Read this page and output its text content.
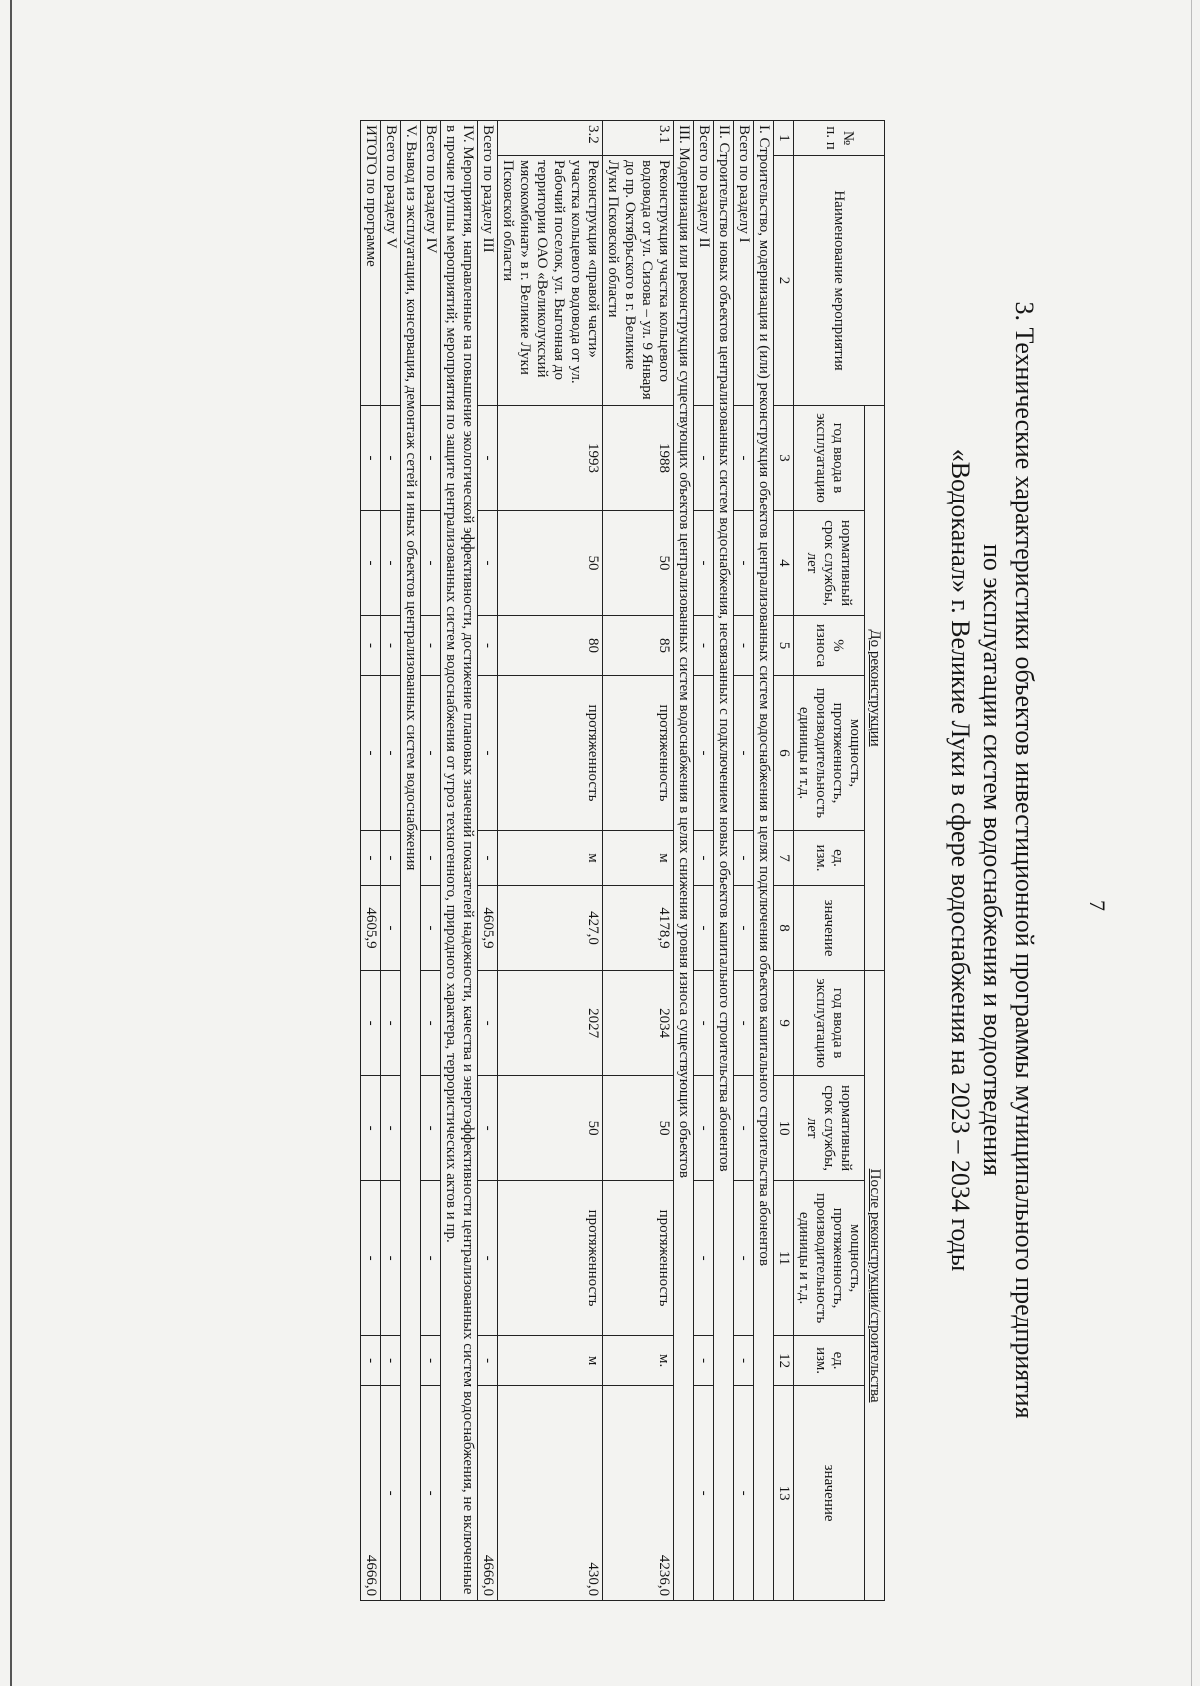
7
3. Технические характеристики объектов инвестиционной программы муниципального предприятия
по эксплуатации систем водоснабжения и водоотведения
«Водоканал» г. Великие Луки в сфере водоснабжения на 2023 – 2034 годы
№ п. п	Наименование мероприятия	До реконструкции						После реконструкции/строительства				
		год ввода в эксплуатацию	нормативный срок службы, лет	% износа	мощность, протяженность, производительность единицы и т.д.	ед. изм.	значение	год ввода в эксплуатацию	нормативный срок службы, лет	мощность, протяженность, производительность единицы и т.д.	ед. изм.	значение
1	2	3	4	5	6	7	8	9	10	11	12	13
I. Строительство, модернизация и (или) реконструкция объектов централизованных систем водоснабжения в целях подключения объектов капитального строительства абонентов												
Всего по разделу I		-	-	-	-	-	-	-	-	-	-	-
II. Строительство новых объектов централизованных систем водоснабжения, несвязанных с подключением новых объектов капитального строительства абонентов												
Всего по разделу II		-	-	-	-	-	-	-	-	-	-	-
III. Модернизация или реконструкция существующих объектов централизованных систем водоснабжения в целях снижения уровня износа существующих объектов												
3.1	Реконструкция участка кольцевого водовода от ул. Сизова – ул. 9 Января до пр. Октябрьского в г. Великие Луки Псковской области	1988	50	85	протяженность	м	4178,9	2034	50	протяженность	м.	4236,0
3.2	Реконструкция «правой части» участка кольцевого водовода от ул. Рабочий поселок, ул. Выгонная до территории ОАО «Великолукский мясокомбинат» в г. Великие Луки Псковской области	1993	50	80	протяженность	м	427,0	2027	50	протяженность	м	430,0
Всего по разделу III		-	-	-	-	-	4605,9	-	-	-	-	4666,0
IV. Мероприятия, направленные на повышение экологической эффективности, достижение плановых значений показателей надежности, качества и энергоэффективности централизованных систем водоснабжения, не включенные в прочие группы мероприятий; мероприятия по защите централизованных систем водоснабжения от угроз техногенного, природного характера, террористических актов и пр.												
Всего по разделу IV		-	-	-	-	-	-	-	-	-	-	-
V. Вывод из эксплуатации, консервация, демонтаж сетей и иных объектов централизованных систем водоснабжения												
Всего по разделу V		-	-	-	-	-	-	-	-	-	-	-
ИТОГО по программе		-	-	-	-	-	4605,9	-	-	-	-	4666,0
